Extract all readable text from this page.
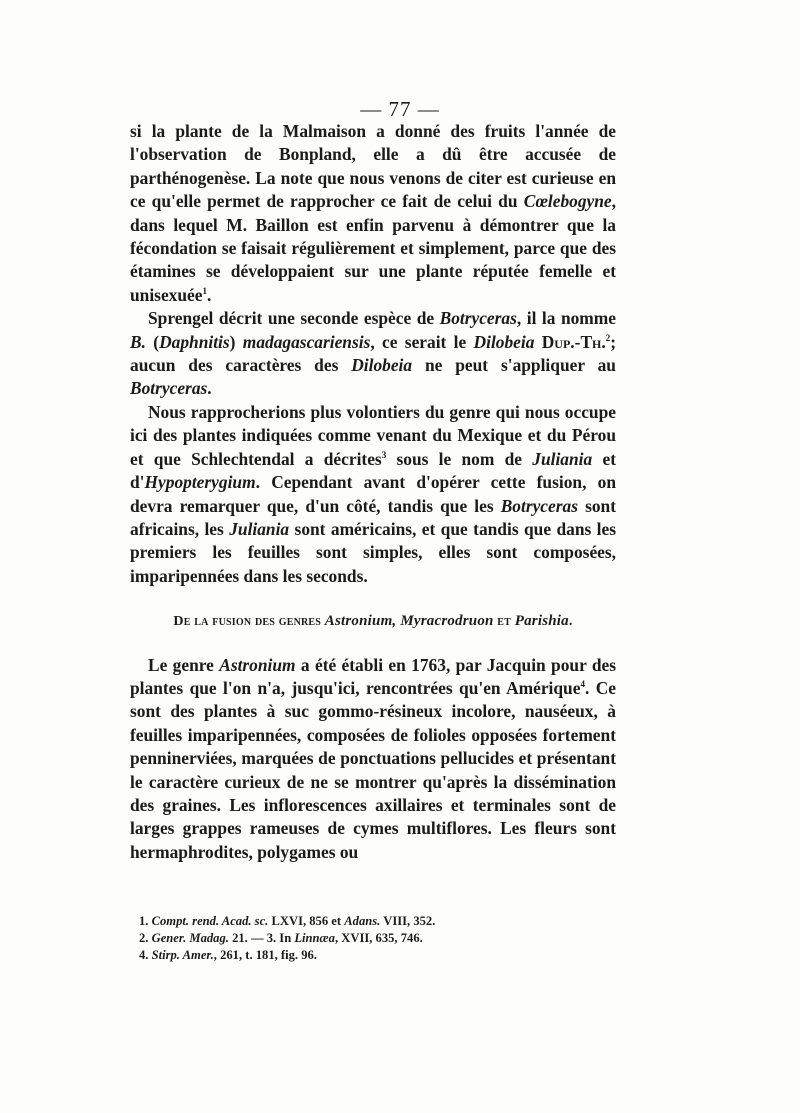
— 77 —

si la plante de la Malmaison a donné des fruits l'année de l'observation de Bonpland, elle a dû être accusée de parthénogenèse. La note que nous venons de citer est curieuse en ce qu'elle permet de rapprocher ce fait de celui du Cœlebogyne, dans lequel M. Baillon est enfin parvenu à démontrer que la fécondation se faisait régulièrement et simplement, parce que des étamines se développaient sur une plante réputée femelle et unisexuée$^1$.

Sprengel décrit une seconde espèce de Botryceras, il la nomme B. (Daphnitis) madagascariensis, ce serait le Dilobeia Dup.-Th.$^2$; aucun des caractères des Dilobeia ne peut s'appliquer au Botryceras.

Nous rapprocherions plus volontiers du genre qui nous occupe ici des plantes indiquées comme venant du Mexique et du Pérou et que Schlechtendal a décrites$^3$ sous le nom de Juliania et d'Hypopterygium. Cependant avant d'opérer cette fusion, on devra remarquer que, d'un côté, tandis que les Botryceras sont africains, les Juliania sont américains, et que tandis que dans les premiers les feuilles sont simples, elles sont composées, imparipennées dans les seconds.

De la fusion des genres Astronium, Myracrodruon et Parishia.

Le genre Astronium a été établi en 1763, par Jacquin pour des plantes que l'on n'a, jusqu'ici, rencontrées qu'en Amérique$^4$. Ce sont des plantes à suc gommo-résineux incolore, nauséeux, à feuilles imparipennées, composées de folioles opposées fortement penninerviées, marquées de ponctuations pellucides et présentant le caractère curieux de ne se montrer qu'après la dissémination des graines. Les inflorescences axillaires et terminales sont de larges grappes rameuses de cymes multiflores. Les fleurs sont hermaphrodites, polygames ou

1. Compt. rend. Acad. sc. LXVI, 856 et Adans. VIII, 352.
2. Gener. Madag. 21. — 3. In Linnæa, XVII, 635, 746.
4. Stirp. Amer., 261, t. 181, fig. 96.
